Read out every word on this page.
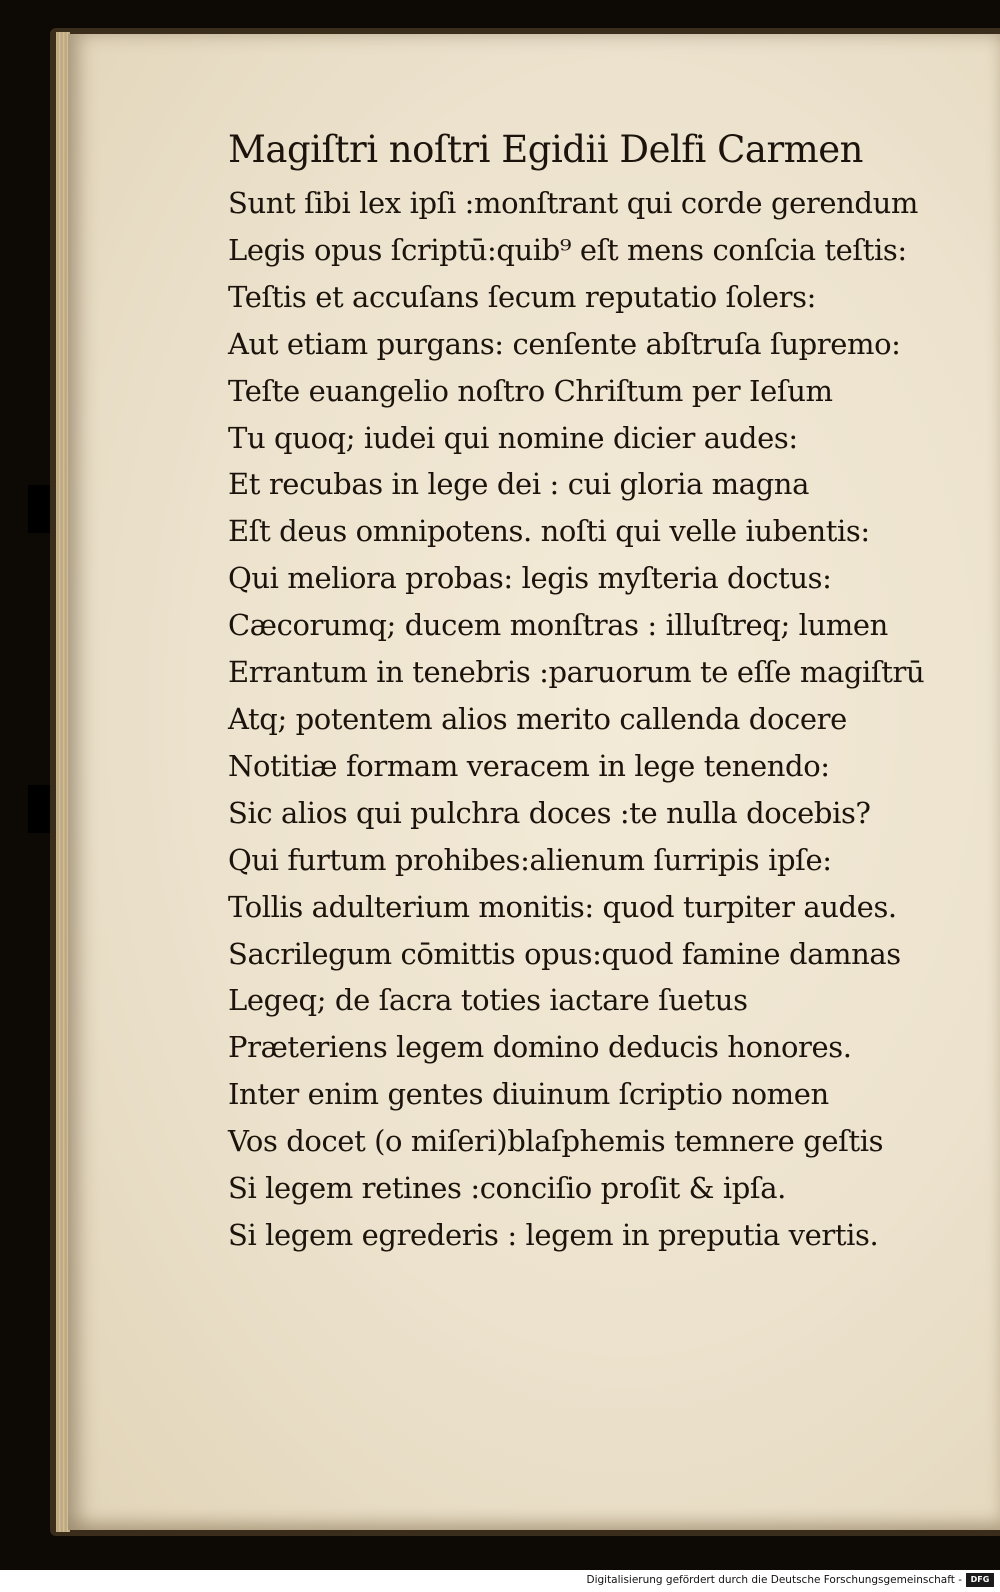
Magiſtri noſtri Egidii Delfi Carmen
Sunt ſibi lex ipſi :monſtrant qui corde gerendum
Legis opus ſcriptū:quib⁹ eſt mens conſcia teſtis:
Teſtis et accuſans ſecum reputatio ſolers:
Aut etiam purgans: cenſente abſtruſa ſupremo:
Teſte euangelio noſtro Chriſtum per Ieſum
Tu quoq; iudei qui nomine dicier audes:
Et recubas in lege dei : cui gloria magna
Eſt deus omnipotens. noſti qui velle iubentis:
Qui meliora probas: legis myſteria doctus:
Cæcorumq; ducem monſtras : illuſtreq; lumen
Errantum in tenebris :paruorum te eſſe magiſtrū
Atq; potentem alios merito callenda docere
Notitiæ formam veracem in lege tenendo:
Sic alios qui pulchra doces :te nulla docebis?
Qui furtum prohibes:alienum ſurripis ipſe:
Tollis adulterium monitis: quod turpiter audes.
Sacrilegum cōmittis opus:quod famine damnas
Legeq; de ſacra toties iactare ſuetus
Præteriens legem domino deducis honores.
Inter enim gentes diuinum ſcriptio nomen
Vos docet (o miſeri)blaſphemis temnere geſtis
Si legem retines :conciſio proſit & ipſa.
Si legem egrederis : legem in preputia vertis.
Digitalisierung gefördert durch die Deutsche Forschungsgemeinschaft -	DFG
